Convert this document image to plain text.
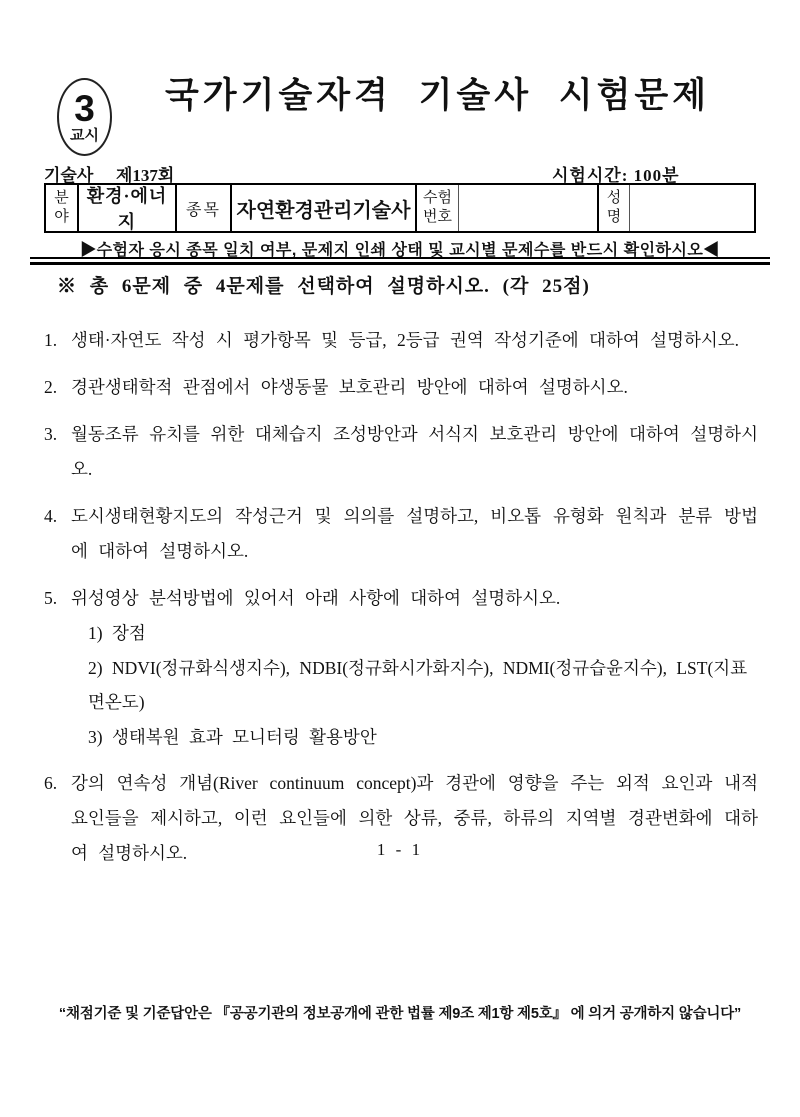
3
교시
국가기술자격 기술사 시험문제
기술사 제137회	시험시간: 100분
분야
환경·에너지
종목 자연환경관리기술사
수험번호
성명
▶수험자 응시 종목 일치 여부, 문제지 인쇄 상태 및 교시별 문제수를 반드시 확인하시오◀
※ 총 6문제 중 4문제를 선택하여 설명하시오. (각 25점)
1. 생태·자연도 작성 시 평가항목 및 등급, 2등급 권역 작성기준에 대하여 설명하시오.
2. 경관생태학적 관점에서 야생동물 보호관리 방안에 대하여 설명하시오.
3. 월동조류 유치를 위한 대체습지 조성방안과 서식지 보호관리 방안에 대하여 설명하시오.
4. 도시생태현황지도의 작성근거 및 의의를 설명하고, 비오톱 유형화 원칙과 분류 방법에 대하여 설명하시오.
5. 위성영상 분석방법에 있어서 아래 사항에 대하여 설명하시오.
1) 장점
2) NDVI(정규화식생지수), NDBI(정규화시가화지수), NDMI(정규습윤지수), LST(지표면온도)
3) 생태복원 효과 모니터링 활용방안
6. 강의 연속성 개념(River continuum concept)과 경관에 영향을 주는 외적 요인과 내적 요인들을 제시하고, 이런 요인들에 의한 상류, 중류, 하류의 지역별 경관변화에 대하여 설명하시오.	1 - 1
“채점기준 및 기준답안은 『공공기관의 정보공개에 관한 법률 제9조 제1항 제5호』 에 의거 공개하지 않습니다”
